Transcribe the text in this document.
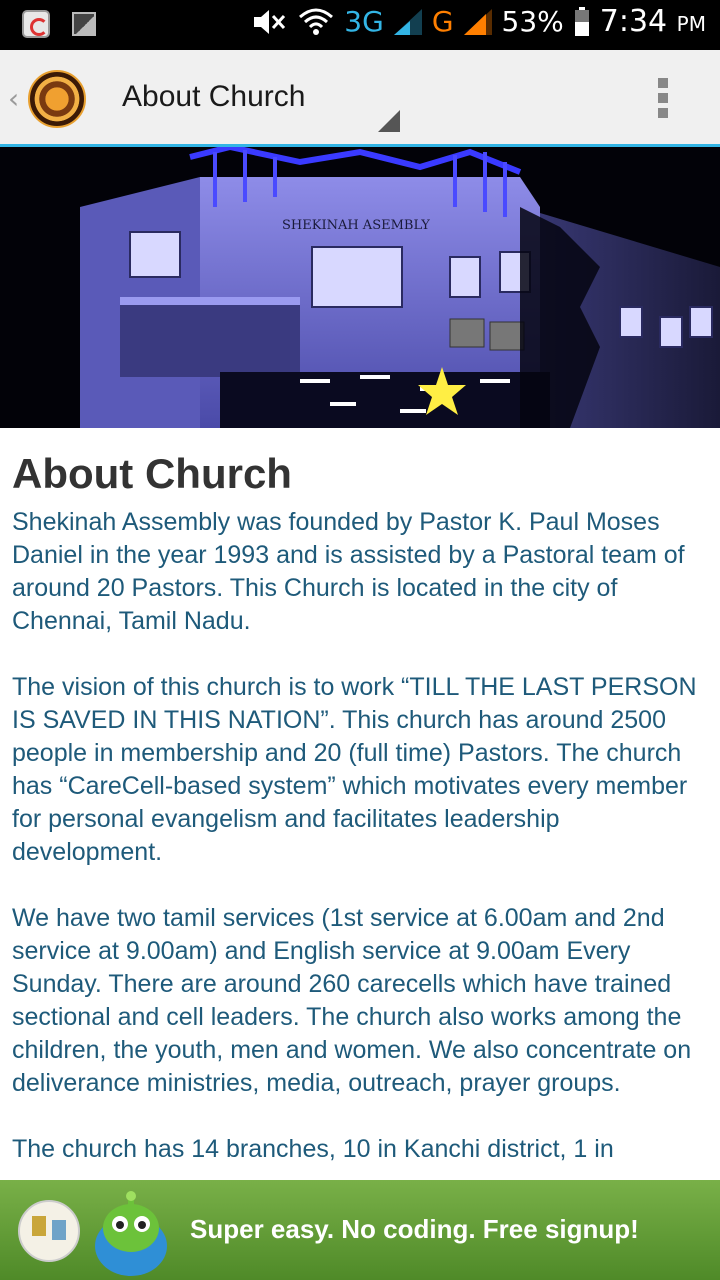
3G G 53% 7:34 PM
‹	About Church
SHEKINAH ASEMBLY
About Church

Shekinah Assembly was founded by Pastor K. Paul Moses Daniel in the year 1993 and is assisted by a Pastoral team of around 20 Pastors. This Church is located in the city of Chennai, Tamil Nadu.

The vision of this church is to work “TILL THE LAST PERSON IS SAVED IN THIS NATION”. This church has around 2500 people in membership and 20 (full time) Pastors. The church has “CareCell-based system” which motivates every member for personal evangelism and facilitates leadership development.

We have two tamil services (1st service at 6.00am and 2nd service at 9.00am) and English service at 9.00am Every Sunday. There are around 260 carecells which have trained sectional and cell leaders. The church also works among the children, the youth, men and women. We also concentrate on deliverance ministries, media, outreach, prayer groups.

The church has 14 branches, 10 in Kanchi district, 1 in

Super easy. No coding. Free signup!
